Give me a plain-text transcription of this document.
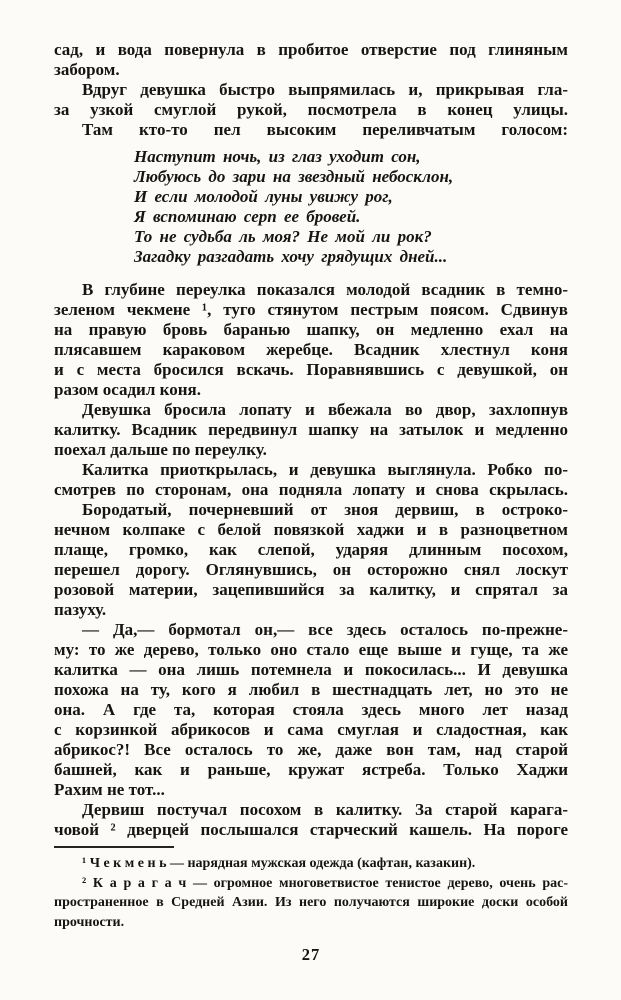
сад, и вода повернула в пробитое отверстие под глиняным
забором.
Вдруг девушка быстро выпрямилась и, прикрывая гла-
за узкой смуглой рукой, посмотрела в конец улицы.
Там кто-то пел высоким переливчатым голосом:
Наступит ночь, из глаз уходит сон,
Любуюсь до зари на звездный небосклон,
И если молодой луны увижу рог,
Я вспоминаю серп ее бровей.
То не судьба ль моя? Не мой ли рок?
Загадку разгадать хочу грядущих дней...
В глубине переулка показался молодой всадник в темно-
зеленом чекмене ¹, туго стянутом пестрым поясом. Сдвинув
на правую бровь баранью шапку, он медленно ехал на
плясавшем караковом жеребце. Всадник хлестнул коня
и с места бросился вскачь. Поравнявшись с девушкой, он
разом осадил коня.
Девушка бросила лопату и вбежала во двор, захлопнув
калитку. Всадник передвинул шапку на затылок и медленно
поехал дальше по переулку.
Калитка приоткрылась, и девушка выглянула. Робко по-
смотрев по сторонам, она подняла лопату и снова скрылась.
Бородатый, почерневший от зноя дервиш, в остроко-
нечном колпаке с белой повязкой хаджи и в разноцветном
плаще, громко, как слепой, ударяя длинным посохом,
перешел дорогу. Оглянувшись, он осторожно снял лоскут
розовой материи, зацепившийся за калитку, и спрятал за
пазуху.
— Да,— бормотал он,— все здесь осталось по-прежне-
му: то же дерево, только оно стало еще выше и гуще, та же
калитка — она лишь потемнела и покосилась... И девушка
похожа на ту, кого я любил в шестнадцать лет, но это не
она. А где та, которая стояла здесь много лет назад
с корзинкой абрикосов и сама смуглая и сладостная, как
абрикос?! Все осталось то же, даже вон там, над старой
башней, как и раньше, кружат ястреба. Только Хаджи
Рахим не тот...
Дервиш постучал посохом в калитку. За старой карага-
човой ² дверцей послышался старческий кашель. На пороге
¹ Ч е к м е н ь — нарядная мужская одежда (кафтан, казакин).
² К а р а г а ч — огромное многоветвистое тенистое дерево, очень рас-
пространенное в Средней Азии. Из него получаются широкие доски особой
прочности.
27
